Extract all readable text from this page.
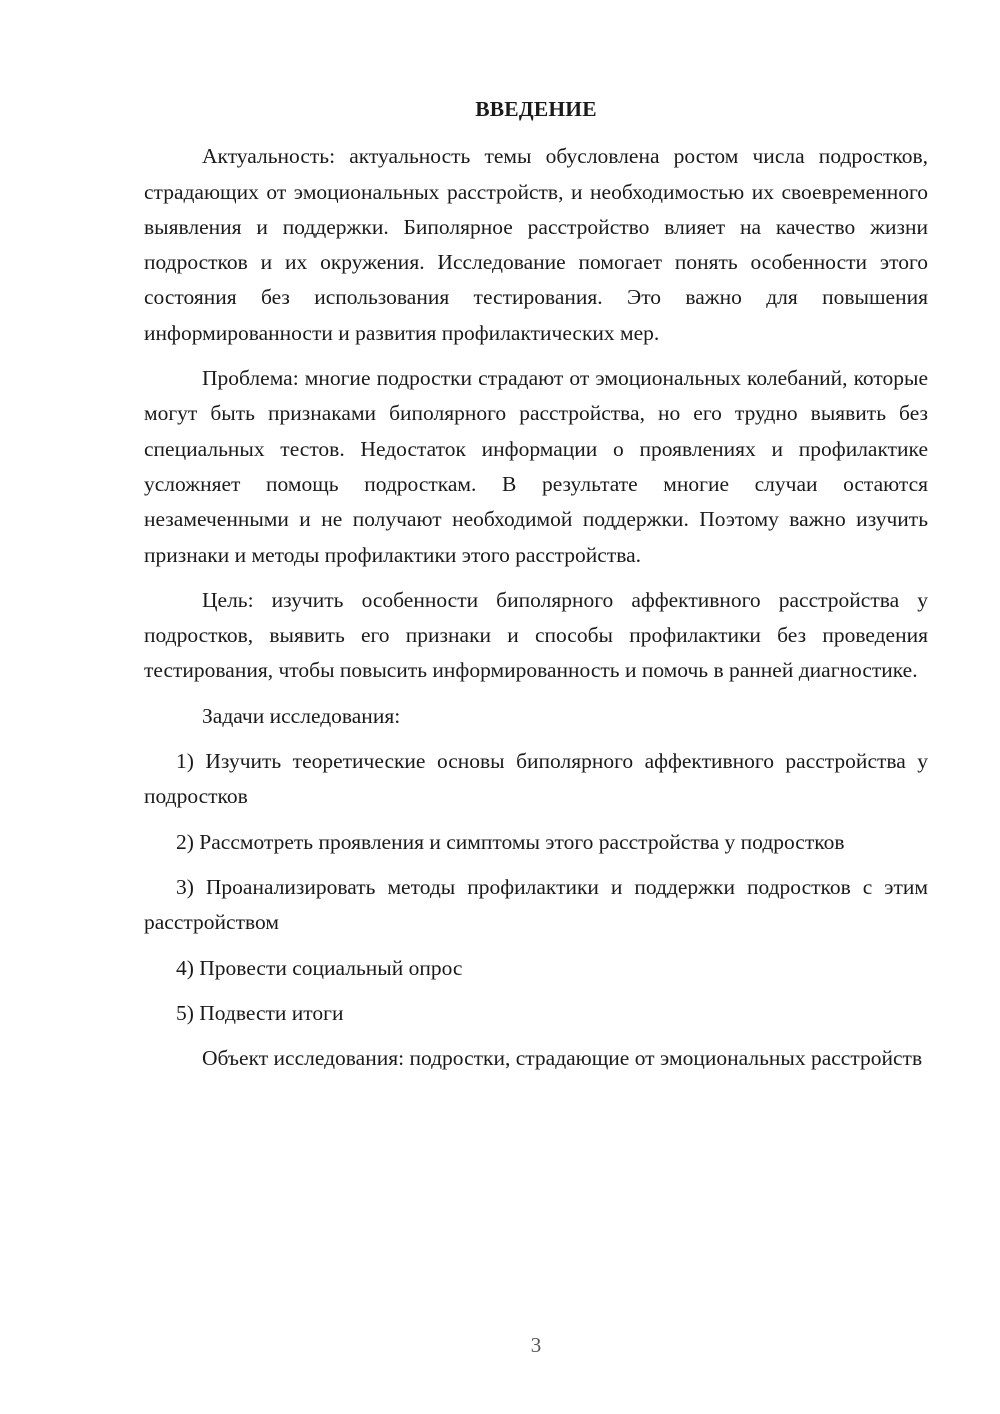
ВВЕДЕНИЕ

Актуальность: актуальность темы обусловлена ростом числа подростков, страдающих от эмоциональных расстройств, и необходимостью их своевременного выявления и поддержки. Биполярное расстройство влияет на качество жизни подростков и их окружения. Исследование помогает понять особенности этого состояния без использования тестирования. Это важно для повышения информированности и развития профилактических мер.

Проблема: многие подростки страдают от эмоциональных колебаний, которые могут быть признаками биполярного расстройства, но его трудно выявить без специальных тестов. Недостаток информации о проявлениях и профилактике усложняет помощь подросткам. В результате многие случаи остаются незамеченными и не получают необходимой поддержки. Поэтому важно изучить признаки и методы профилактики этого расстройства.

Цель: изучить особенности биполярного аффективного расстройства у подростков, выявить его признаки и способы профилактики без проведения тестирования, чтобы повысить информированность и помочь в ранней диагностике.

Задачи исследования:

1) Изучить теоретические основы биполярного аффективного расстройства у подростков

2) Рассмотреть проявления и симптомы этого расстройства у подростков

3) Проанализировать методы профилактики и поддержки подростков с этим расстройством

4) Провести социальный опрос

5) Подвести итоги

Объект исследования: подростки, страдающие от эмоциональных расстройств

3
